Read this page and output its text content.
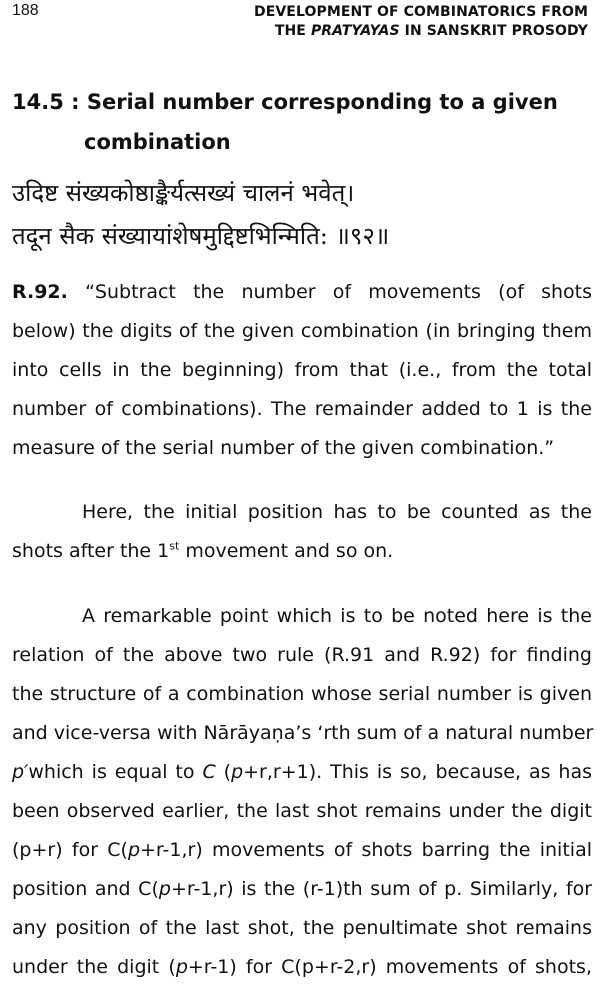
188	DEVELOPMENT OF COMBINATORICS FROM
THE PRATYAYAS IN SANSKRIT PROSODY
14.5 : Serial number corresponding to a given
combination
उदिष्ट संख्यकोष्ठाङ्कैर्यत्सख्यं चालनं भवेत्।
तदून सैक संख्यायांशेषमुद्दिष्टभिन्मिति: ॥९२॥
R.92. “Subtract the number of movements (of shots
below) the digits of the given combination (in bringing them
into cells in the beginning) from that (i.e., from the total
number of combinations). The remainder added to 1 is the
measure of the serial number of the given combination.”
Here, the initial position has to be counted as the
shots after the 1st movement and so on.
A remarkable point which is to be noted here is the
relation of the above two rule (R.91 and R.92) for finding
the structure of a combination whose serial number is given
and vice-versa with Nārāyaṇa’s ‘rth sum of a natural number
p′which is equal to C (p+r,r+1). This is so, because, as has
been observed earlier, the last shot remains under the digit
(p+r) for C(p+r-1,r) movements of shots barring the initial
position and C(p+r-1,r) is the (r-1)th sum of p. Similarly, for
any position of the last shot, the penultimate shot remains
under the digit (p+r-1) for C(p+r-2,r) movements of shots,
